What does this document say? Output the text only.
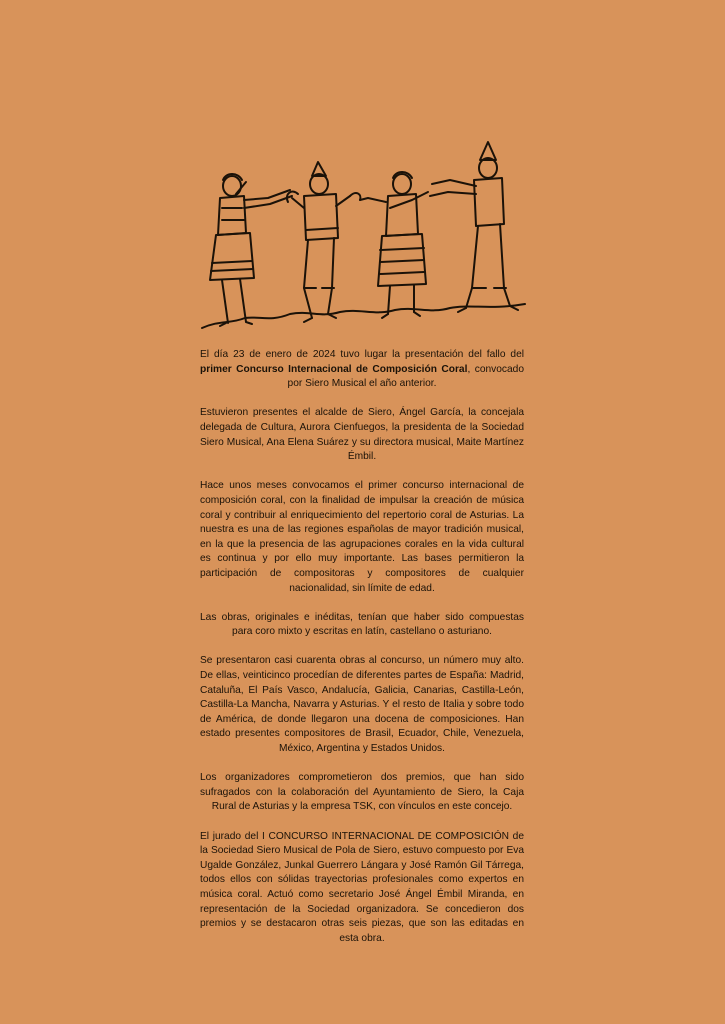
El día 23 de enero de 2024 tuvo lugar la presentación del fallo del primer Concurso Internacional de Composición Coral, convocado por Siero Musical el año anterior.

Estuvieron presentes el alcalde de Siero, Ángel García, la concejala delegada de Cultura, Aurora Cienfuegos, la presidenta de la Sociedad Siero Musical, Ana Elena Suárez y su directora musical, Maite Martínez Émbil.

Hace unos meses convocamos el primer concurso internacional de composición coral, con la finalidad de impulsar la creación de música coral y contribuir al enriquecimiento del repertorio coral de Asturias. La nuestra es una de las regiones españolas de mayor tradición musical, en la que la presencia de las agrupaciones corales en la vida cultural es continua y por ello muy importante. Las bases permitieron la participación de compositoras y compositores de cualquier nacionalidad, sin límite de edad.

Las obras, originales e inéditas, tenían que haber sido compuestas para coro mixto y escritas en latín, castellano o asturiano.

Se presentaron casi cuarenta obras al concurso, un número muy alto. De ellas, veinticinco procedían de diferentes partes de España: Madrid, Cataluña, El País Vasco, Andalucía, Galicia, Canarias, Castilla-León, Castilla-La Mancha, Navarra y Asturias. Y el resto de Italia y sobre todo de América, de donde llegaron una docena de composiciones. Han estado presentes compositores de Brasil, Ecuador, Chile, Venezuela, México, Argentina y Estados Unidos.

Los organizadores comprometieron dos premios, que han sido sufragados con la colaboración del Ayuntamiento de Siero, la Caja Rural de Asturias y la empresa TSK, con vínculos en este concejo.

El jurado del I CONCURSO INTERNACIONAL DE COMPOSICIÓN de la Sociedad Siero Musical de Pola de Siero, estuvo compuesto por Eva Ugalde González, Junkal Guerrero Lángara y José Ramón Gil Tárrega, todos ellos con sólidas trayectorias profesionales como expertos en música coral. Actuó como secretario José Ángel Émbil Miranda, en representación de la Sociedad organizadora. Se concedieron dos premios y se destacaron otras seis piezas, que son las editadas en esta obra.
